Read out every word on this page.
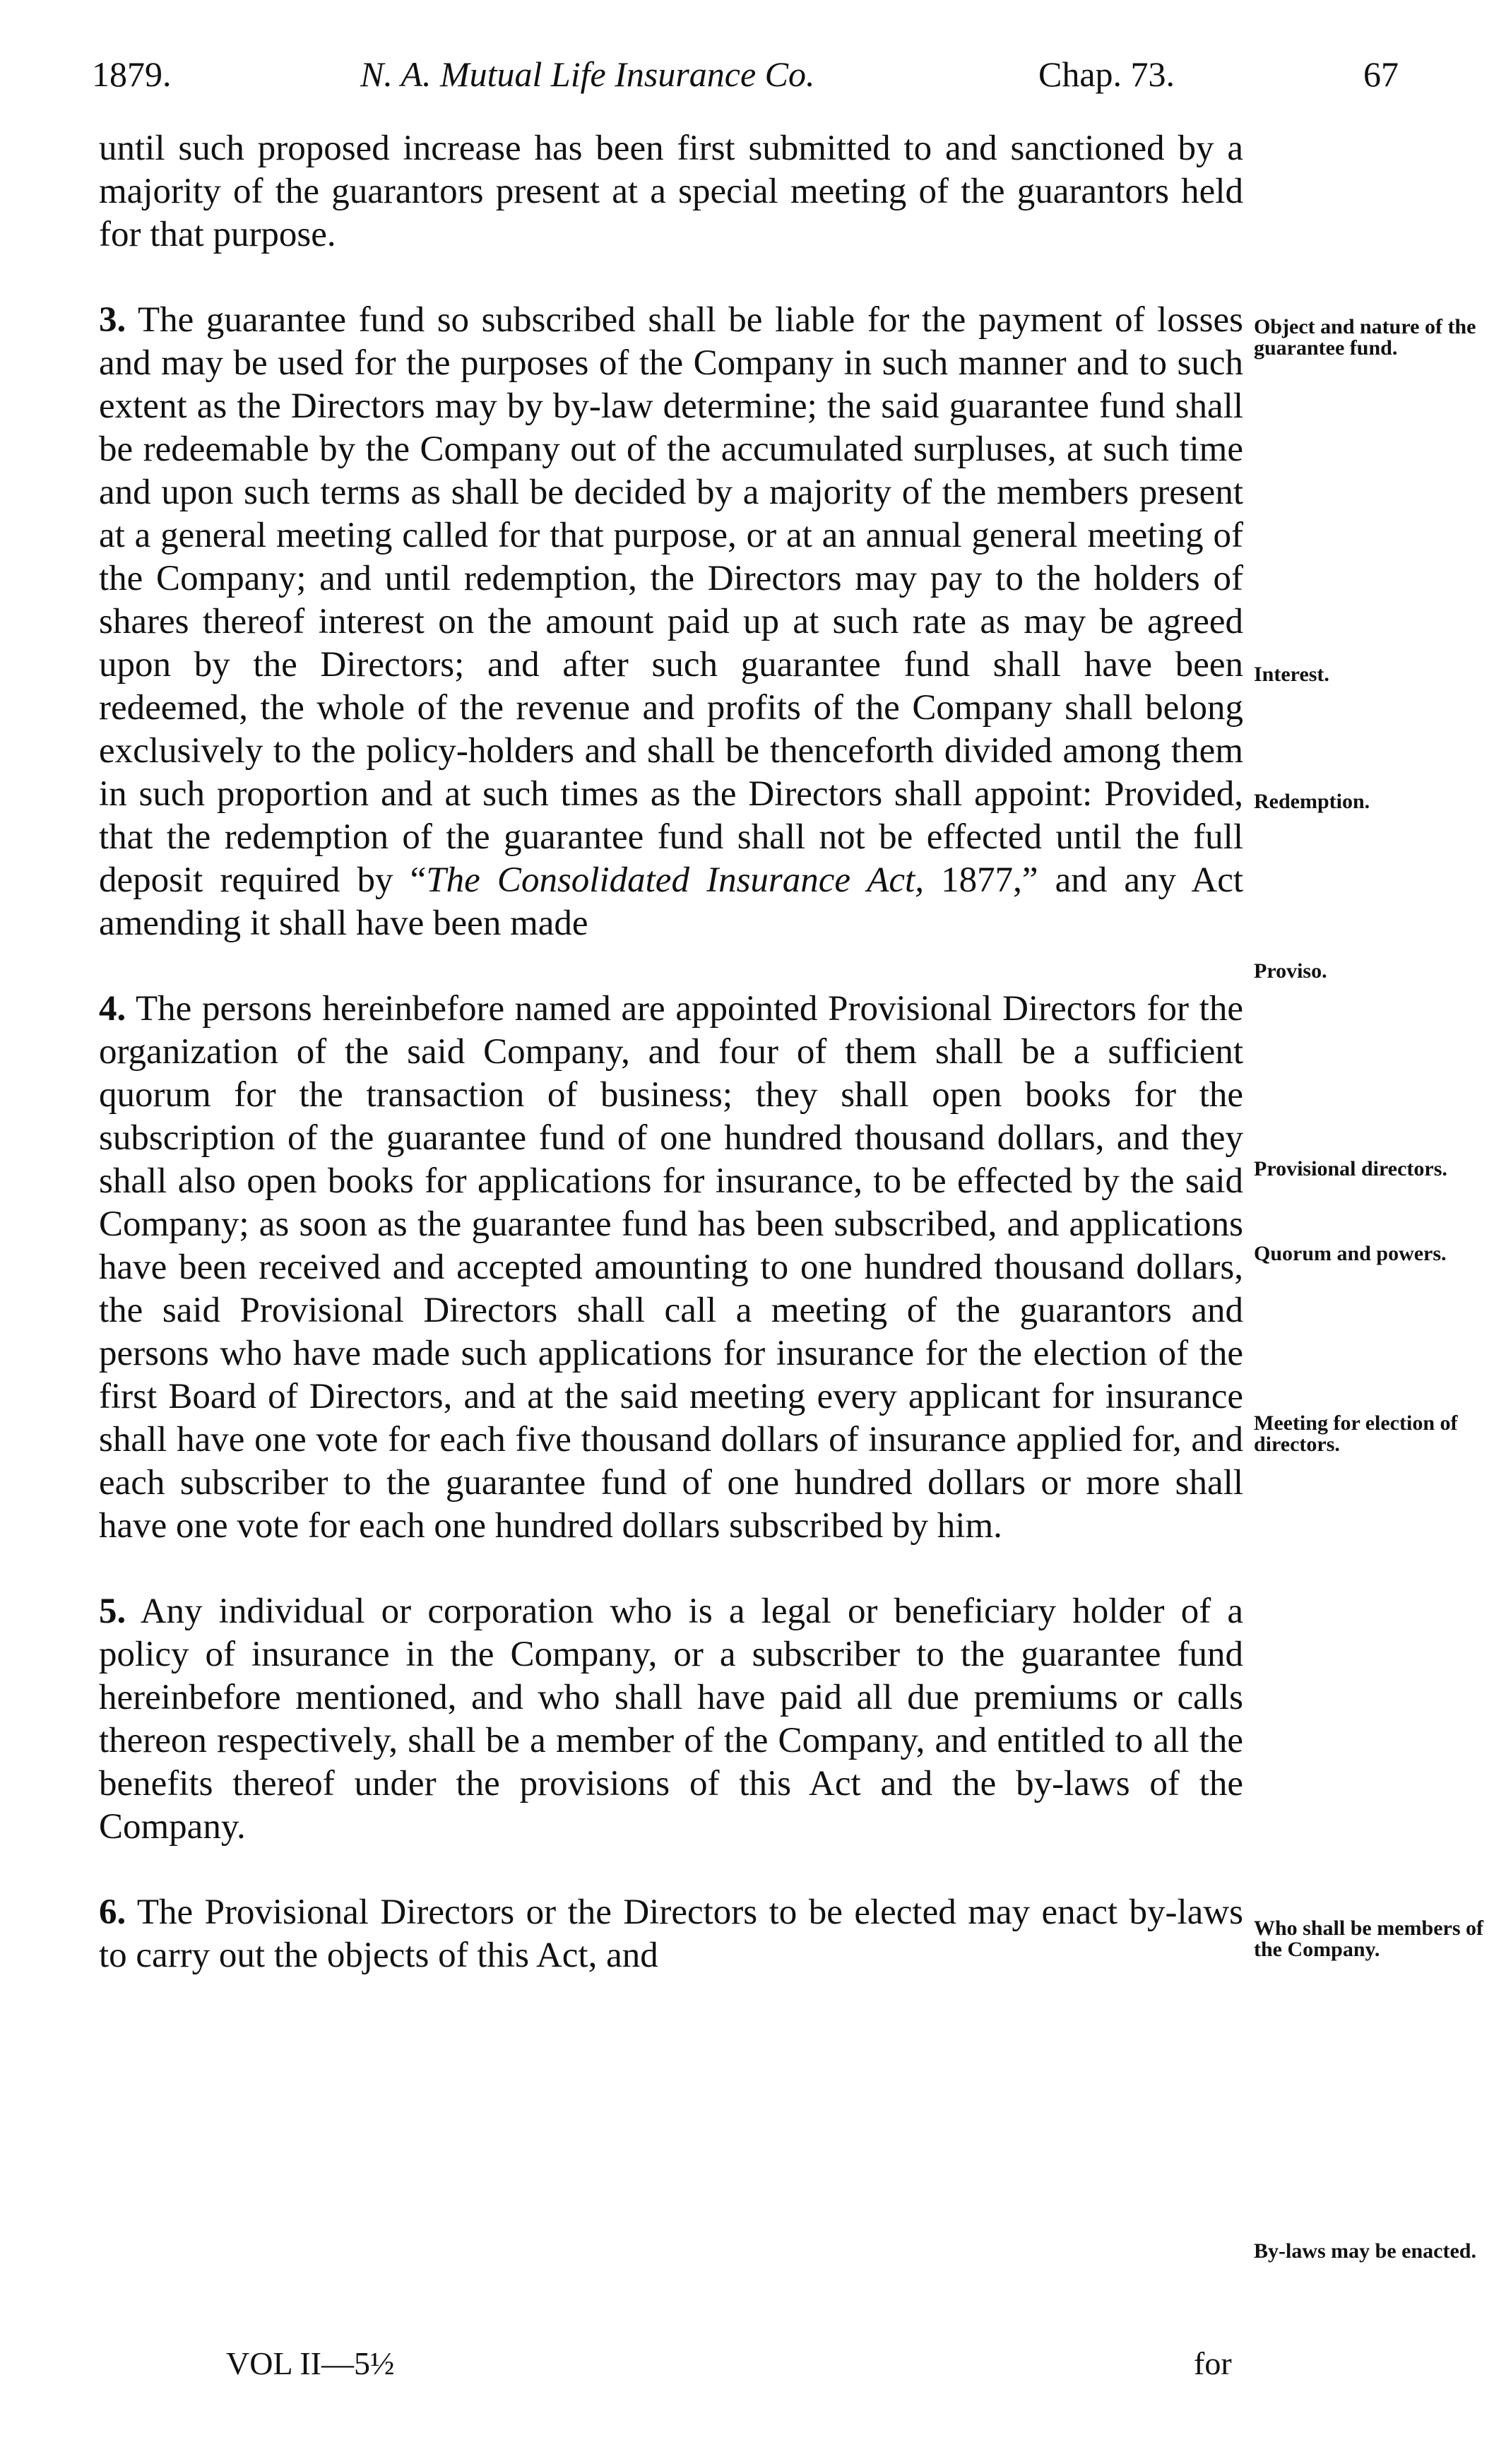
1879.	N. A. Mutual Life Insurance Co.	Chap. 73.	67

until such proposed increase has been first submitted to and sanctioned by a majority of the guarantors present at a special meeting of the guarantors held for that purpose.

3. The guarantee fund so subscribed shall be liable for the payment of losses and may be used for the purposes of the Company in such manner and to such extent as the Directors may by by-law determine; the said guarantee fund shall be redeemable by the Company out of the accumulated surpluses, at such time and upon such terms as shall be decided by a majority of the members present at a general meeting called for that purpose, or at an annual general meeting of the Company; and until redemption, the Directors may pay to the holders of shares thereof interest on the amount paid up at such rate as may be agreed upon by the Directors; and after such guarantee fund shall have been redeemed, the whole of the revenue and profits of the Company shall belong exclusively to the policy-holders and shall be thenceforth divided among them in such proportion and at such times as the Directors shall appoint: Provided, that the redemption of the guarantee fund shall not be effected until the full deposit required by “The Consolidated Insurance Act, 1877,” and any Act amending it shall have been made

4. The persons hereinbefore named are appointed Provisional Directors for the organization of the said Company, and four of them shall be a sufficient quorum for the transaction of business; they shall open books for the subscription of the guarantee fund of one hundred thousand dollars, and they shall also open books for applications for insurance, to be effected by the said Company; as soon as the guarantee fund has been subscribed, and applications have been received and accepted amounting to one hundred thousand dollars, the said Provisional Directors shall call a meeting of the guarantors and persons who have made such applications for insurance for the election of the first Board of Directors, and at the said meeting every applicant for insurance shall have one vote for each five thousand dollars of insurance applied for, and each subscriber to the guarantee fund of one hundred dollars or more shall have one vote for each one hundred dollars subscribed by him.

5. Any individual or corporation who is a legal or beneficiary holder of a policy of insurance in the Company, or a subscriber to the guarantee fund hereinbefore mentioned, and who shall have paid all due premiums or calls thereon respectively, shall be a member of the Company, and entitled to all the benefits thereof under the provisions of this Act and the by-laws of the Company.

6. The Provisional Directors or the Directors to be elected may enact by-laws to carry out the objects of this Act, and

Object and nature of the guarantee fund.
Interest.
Redemption.
Proviso.
Provisional directors.
Quorum and powers.
Meeting for election of directors.
Who shall be members of the Company.
By-laws may be enacted.
VOL II—5½	for
